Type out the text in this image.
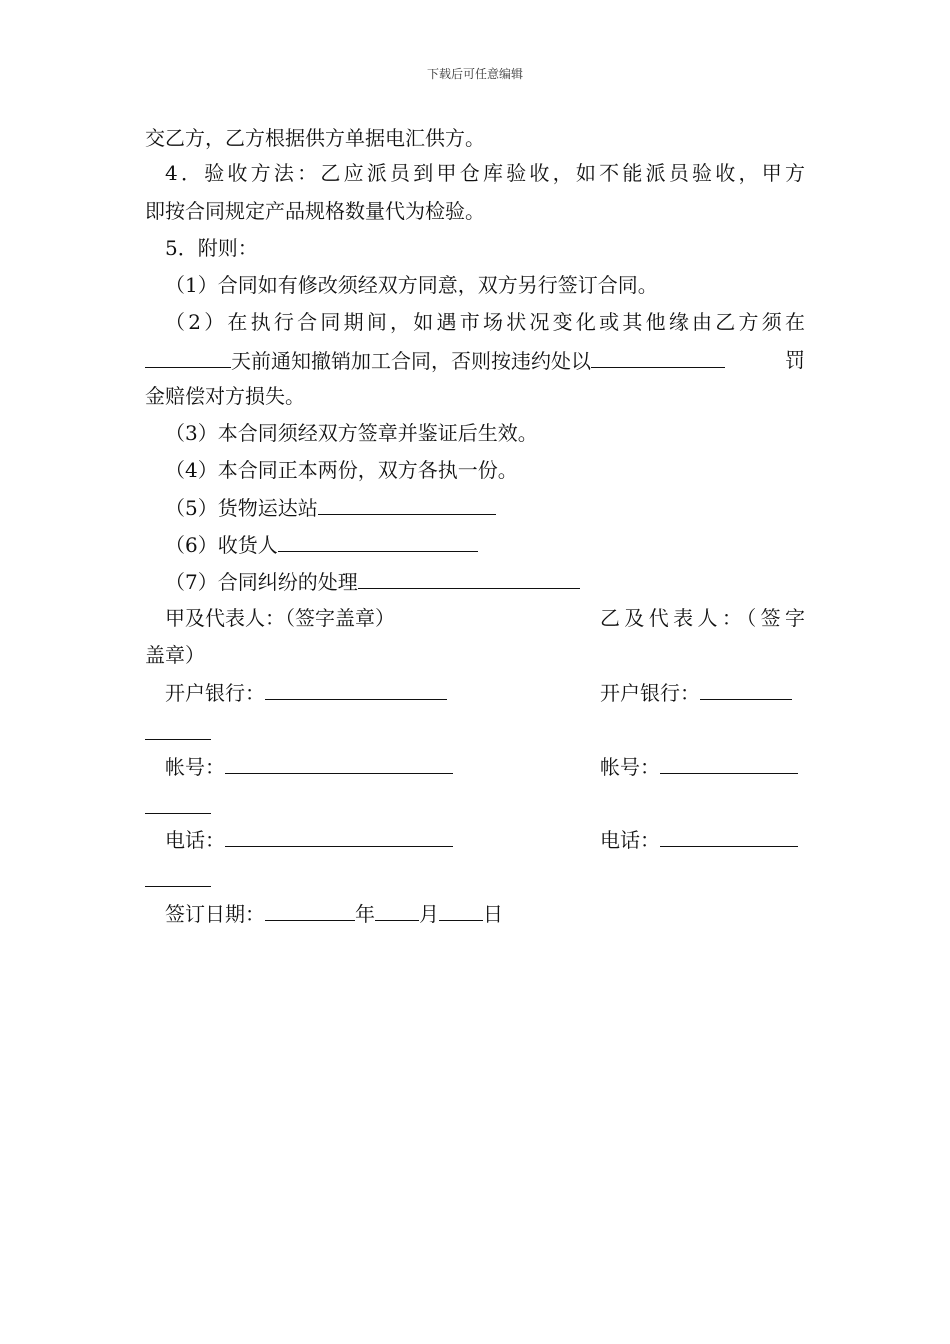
下载后可任意编辑
交乙方，乙方根据供方单据电汇供方。
4．验收方法：乙应派员到甲仓库验收，如不能派员验收，甲方
即按合同规定产品规格数量代为检验。
5．附则：
（1）合同如有修改须经双方同意，双方另行签订合同。
（2）在执行合同期间，如遇市场状况变化或其他缘由乙方须在
天前通知撤销加工合同，否则按违约处以	罚
金赔偿对方损失。
（3）本合同须经双方签章并鉴证后生效。
（4）本合同正本两份，双方各执一份。
（5）货物运达站
（6）收货人
（7）合同纠纷的处理
甲及代表人：（签字盖章）	乙及代表人：（签字
盖章）
开户银行：	开户银行：
帐号：	帐号：
电话：	电话：
签订日期：	年 月 日
